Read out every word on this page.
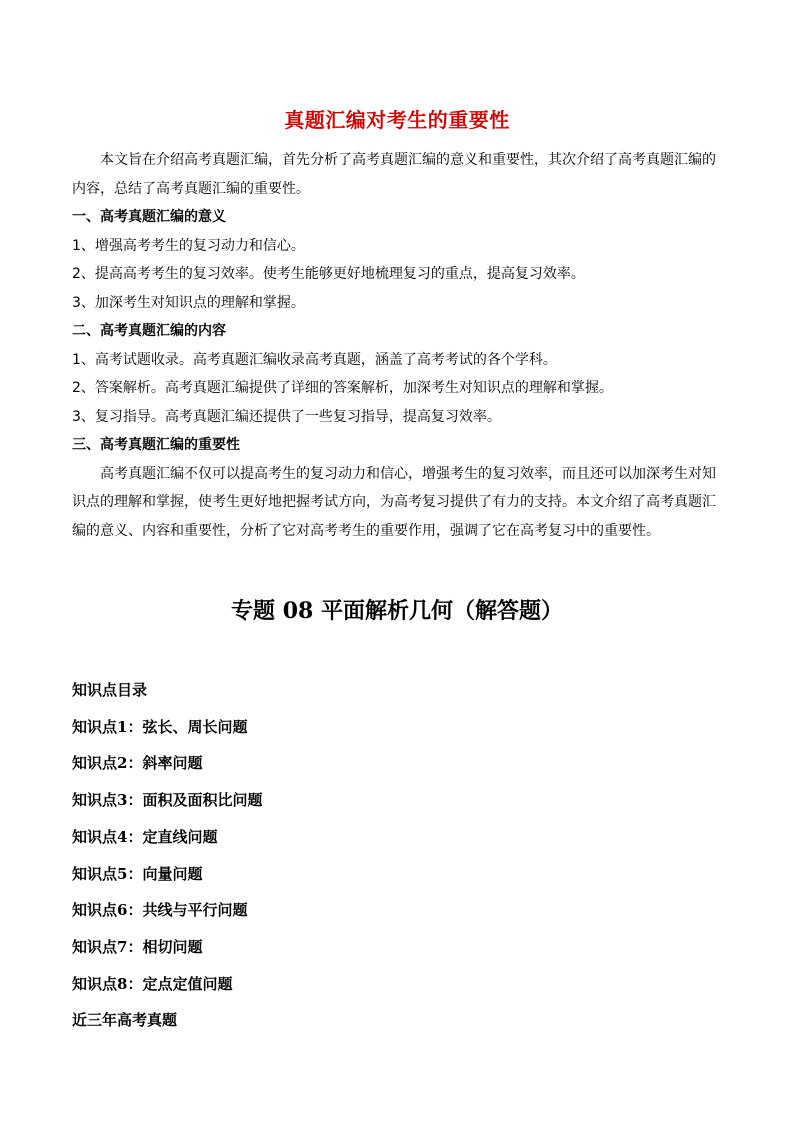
真题汇编对考生的重要性

本文旨在介绍高考真题汇编，首先分析了高考真题汇编的意义和重要性，其次介绍了高考真题汇编的内容，总结了高考真题汇编的重要性。

一、高考真题汇编的意义

1、增强高考考生的复习动力和信心。

2、提高高考考生的复习效率。使考生能够更好地梳理复习的重点，提高复习效率。

3、加深考生对知识点的理解和掌握。

二、高考真题汇编的内容

1、高考试题收录。高考真题汇编收录高考真题，涵盖了高考考试的各个学科。

2、答案解析。高考真题汇编提供了详细的答案解析，加深考生对知识点的理解和掌握。

3、复习指导。高考真题汇编还提供了一些复习指导，提高复习效率。

三、高考真题汇编的重要性

高考真题汇编不仅可以提高考生的复习动力和信心，增强考生的复习效率，而且还可以加深考生对知识点的理解和掌握，使考生更好地把握考试方向，为高考复习提供了有力的支持。本文介绍了高考真题汇编的意义、内容和重要性，分析了它对高考考生的重要作用，强调了它在高考复习中的重要性。

专题 08 平面解析几何（解答题）
知识点目录
知识点1：弦长、周长问题
知识点2：斜率问题
知识点3：面积及面积比问题
知识点4：定直线问题
知识点5：向量问题
知识点6：共线与平行问题
知识点7：相切问题
知识点8：定点定值问题
近三年高考真题
